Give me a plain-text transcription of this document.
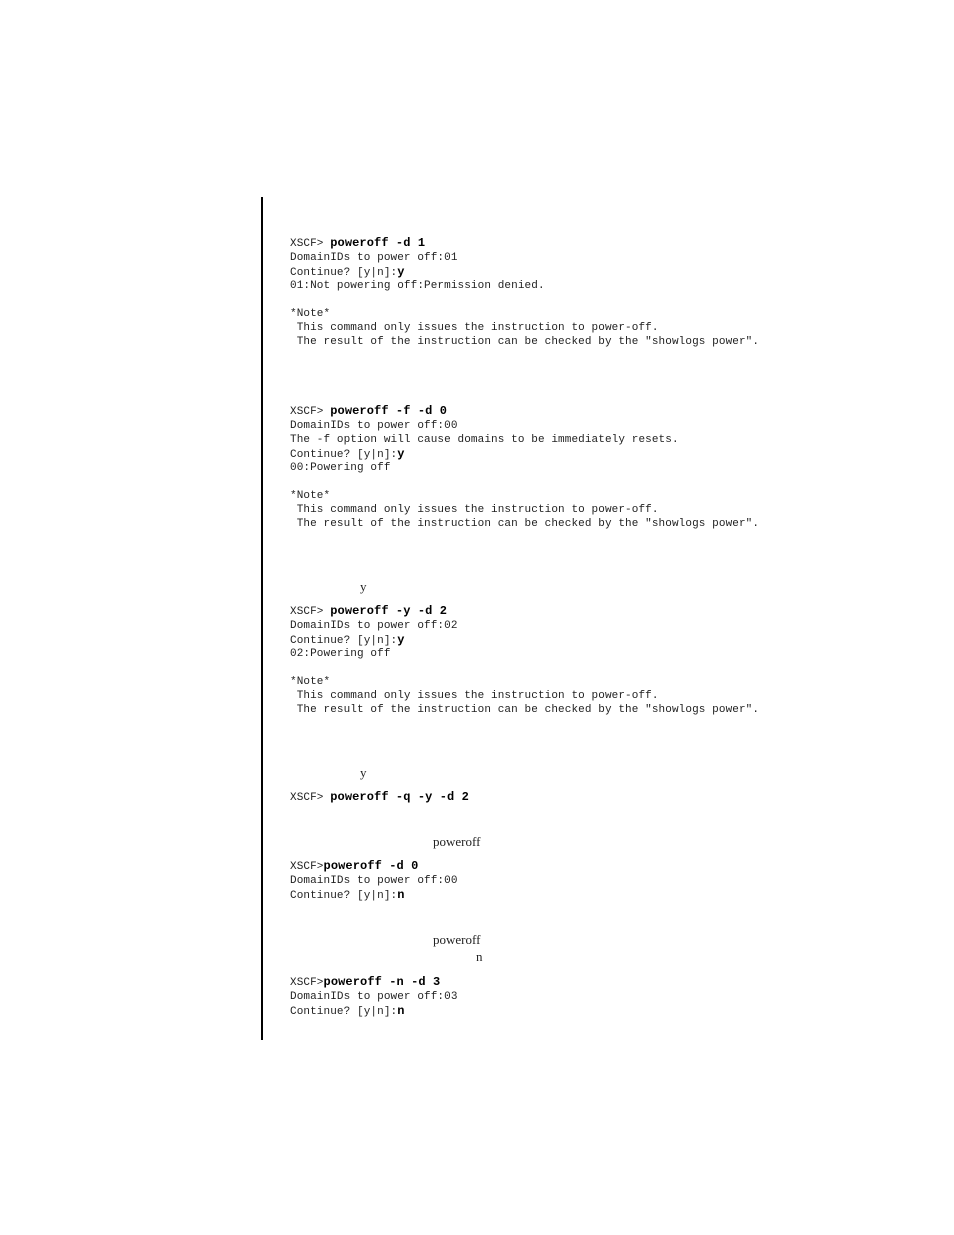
XSCF> poweroff -d 1
DomainIDs to power off:01
Continue? [y|n]:y
01:Not powering off:Permission denied.
*Note*
This command only issues the instruction to power-off.
The result of the instruction can be checked by the "showlogs power".
XSCF> poweroff -f -d 0
DomainIDs to power off:00
The -f option will cause domains to be immediately resets.
Continue? [y|n]:y
00:Powering off
*Note*
This command only issues the instruction to power-off.
The result of the instruction can be checked by the "showlogs power".
y
XSCF> poweroff -y -d 2
DomainIDs to power off:02
Continue? [y|n]:y
02:Powering off
*Note*
This command only issues the instruction to power-off.
The result of the instruction can be checked by the "showlogs power".
y
XSCF> poweroff -q -y -d 2
poweroff
XSCF>poweroff -d 0
DomainIDs to power off:00
Continue? [y|n]:n
poweroff
n
XSCF>poweroff -n -d 3
DomainIDs to power off:03
Continue? [y|n]:n
